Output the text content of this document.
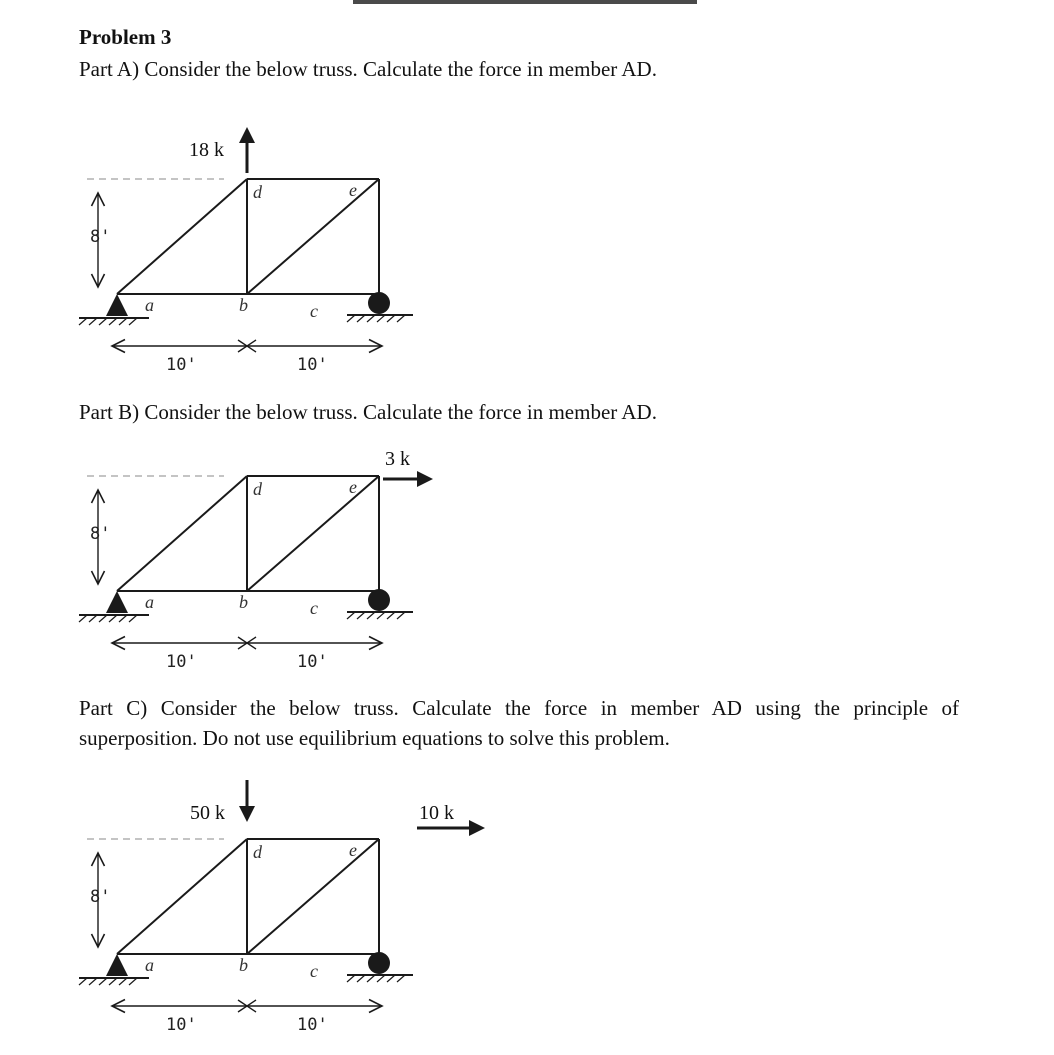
Problem 3
Part A) Consider the below truss. Calculate the force in member AD.
Part B) Consider the below truss. Calculate the force in member AD.
Part C) Consider the below truss. Calculate the force in member AD using the principle of superposition. Do not use equilibrium equations to solve this problem.
8'
10'	10'
a	b	c
d	e
18 k
8'
10'	10'
a	b	c
d	e
3 k
8'
10'	10'
a	b	c
d	e
50 k	10 k
